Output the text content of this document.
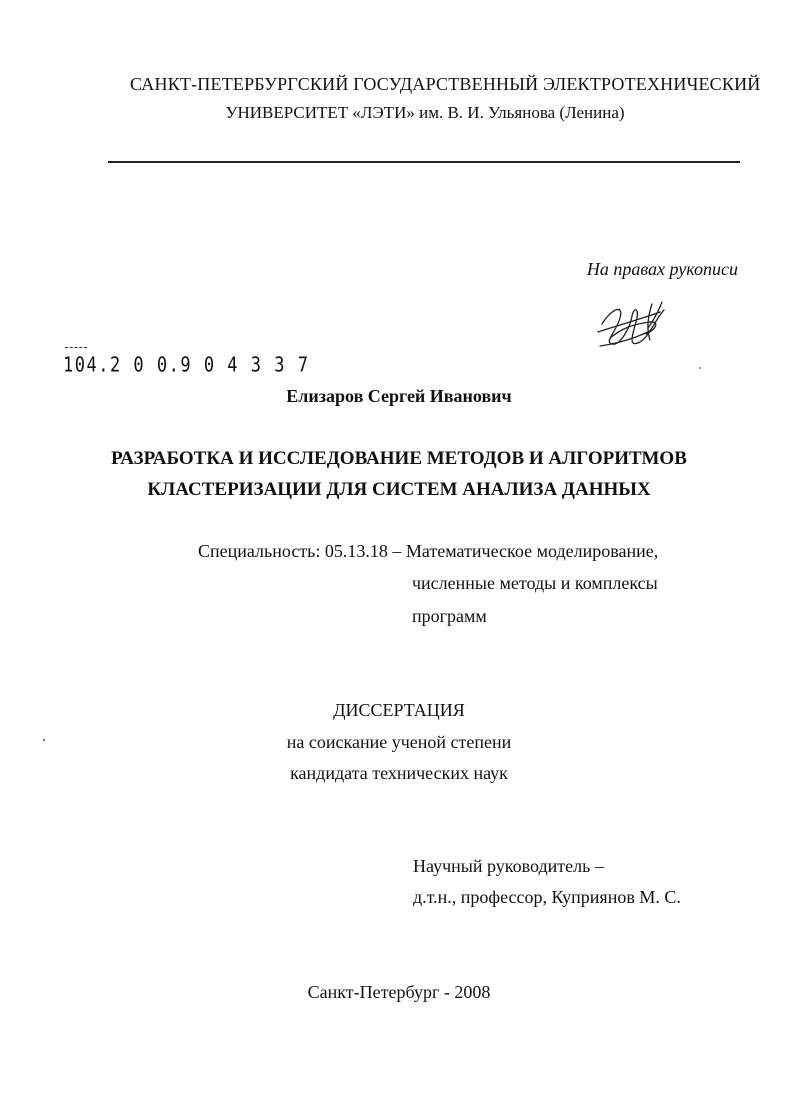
САНКТ-ПЕТЕРБУРГСКИЙ ГОСУДАРСТВЕННЫЙ ЭЛЕКТРОТЕХНИЧЕСКИЙ

УНИВЕРСИТЕТ «ЛЭТИ» им. В. И. Ульянова (Ленина)

На правах рукописи

104.2 0 0.9 0 4 3 3 7

Елизаров Сергей Иванович

РАЗРАБОТКА И ИССЛЕДОВАНИЕ МЕТОДОВ И АЛГОРИТМОВ

КЛАСТЕРИЗАЦИИ ДЛЯ СИСТЕМ АНАЛИЗА ДАННЫХ

Специальность: 05.13.18 – Математическое моделирование,

численные методы и комплексы

программ

ДИССЕРТАЦИЯ

на соискание ученой степени

кандидата технических наук

Научный руководитель –

д.т.н., профессор, Куприянов М. С.

Санкт-Петербург - 2008
